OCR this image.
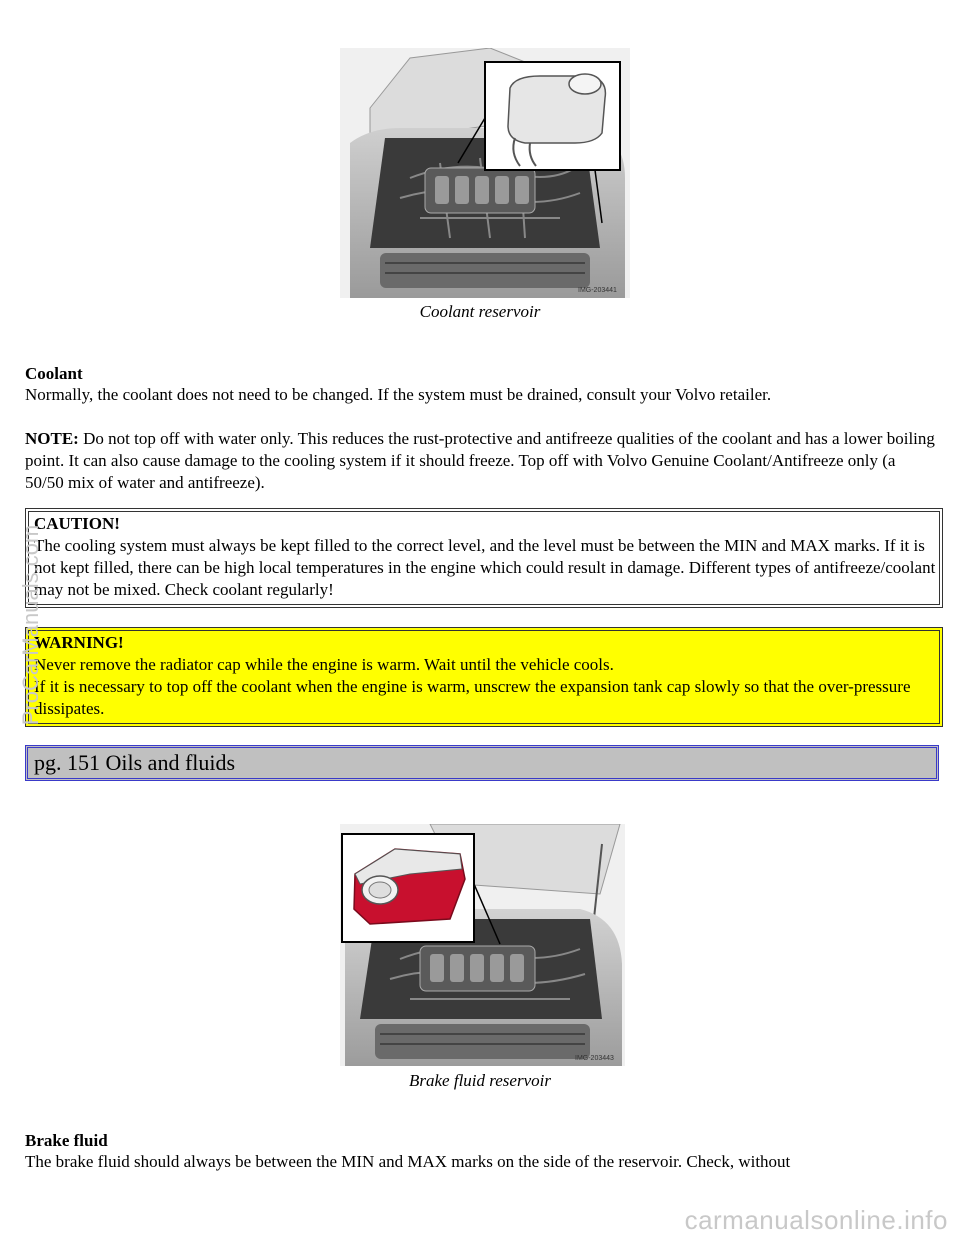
IMG-203441
Coolant reservoir
Coolant
Normally, the coolant does not need to be changed. If the system must be drained, consult your Volvo retailer.
NOTE: Do not top off with water only. This reduces the rust-protective and antifreeze qualities of the coolant and has a lower boiling point. It can also cause damage to the cooling system if it should freeze. Top off with Volvo Genuine Coolant/Antifreeze only (a 50/50 mix of water and antifreeze).
CAUTION!
The cooling system must always be kept filled to the correct level, and the level must be between the MIN and MAX marks. If it is not kept filled, there can be high local temperatures in the engine which could result in damage. Different types of antifreeze/coolant may not be mixed. Check coolant regularly!
WARNING!
Never remove the radiator cap while the engine is warm. Wait until the vehicle cools.
If it is necessary to top off the coolant when the engine is warm, unscrew the expansion tank cap slowly so that the over-pressure dissipates.
pg. 151 Oils and fluids
IMG-203443
Brake fluid reservoir
Brake fluid
The brake fluid should always be between the MIN and MAX marks on the side of the reservoir. Check, without
ProCarManuals.com
carmanualsonline.info
